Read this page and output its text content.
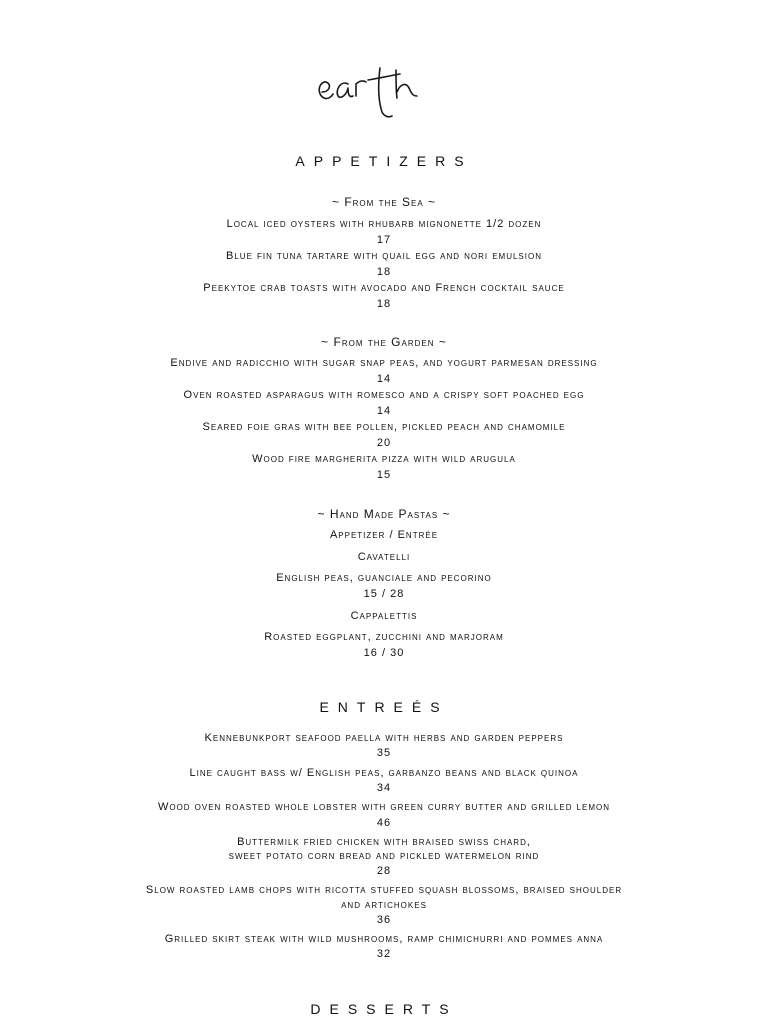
APPETIZERS
~ From the Sea ~
Local iced oysters with rhubarb mignonette 1/2 dozen
17
Blue fin tuna tartare with quail egg and nori emulsion
18
Peekytoe crab toasts with avocado and French cocktail sauce
18
~ From the Garden ~
Endive and radicchio with sugar snap peas, and yogurt parmesan dressing
14
Oven roasted asparagus with romesco and a crispy soft poached egg
14
Seared foie gras with bee pollen, pickled peach and chamomile
20
Wood fire margherita pizza with wild arugula
15
~ Hand Made Pastas ~
Appetizer / Entrée
Cavatelli
English peas, guanciale and pecorino
15 / 28
Cappalettis
Roasted eggplant, zucchini and marjoram
16 / 30
ENTREÉS
Kennebunkport seafood paella with herbs and garden peppers
35
Line caught bass w/ English peas, garbanzo beans and black quinoa
34
Wood oven roasted whole lobster with green curry butter and grilled lemon
46
Buttermilk fried chicken with braised swiss chard,
sweet potato corn bread and pickled watermelon rind
28
Slow roasted lamb chops with ricotta stuffed squash blossoms, braised shoulder
and artichokes
36
Grilled skirt steak with wild mushrooms, ramp chimichurri and pommes anna
32
DESSERTS
